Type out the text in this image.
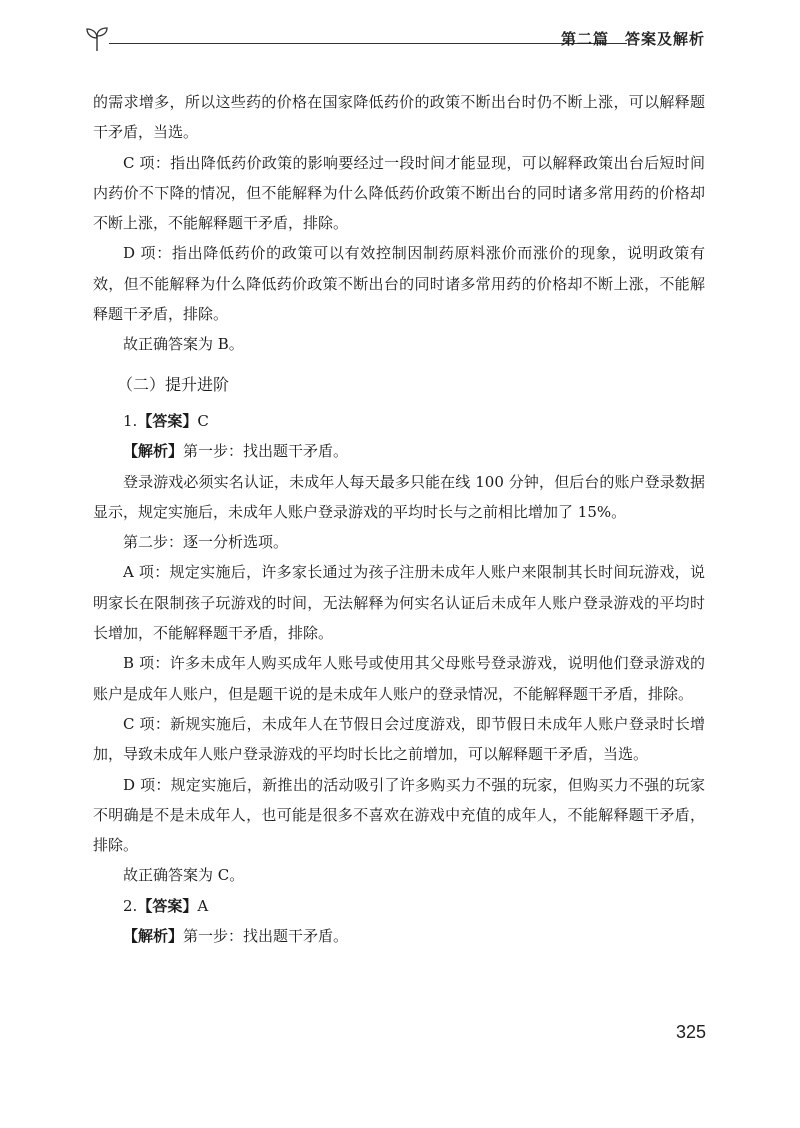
第二篇　答案及解析

的需求增多，所以这些药的价格在国家降低药价的政策不断出台时仍不断上涨，可以解释题干矛盾，当选。

C 项：指出降低药价政策的影响要经过一段时间才能显现，可以解释政策出台后短时间内药价不下降的情况，但不能解释为什么降低药价政策不断出台的同时诸多常用药的价格却不断上涨，不能解释题干矛盾，排除。

D 项：指出降低药价的政策可以有效控制因制药原料涨价而涨价的现象，说明政策有效，但不能解释为什么降低药价政策不断出台的同时诸多常用药的价格却不断上涨，不能解释题干矛盾，排除。

故正确答案为 B。

（二）提升进阶

1.【答案】C

【解析】第一步：找出题干矛盾。

登录游戏必须实名认证，未成年人每天最多只能在线 100 分钟，但后台的账户登录数据显示，规定实施后，未成年人账户登录游戏的平均时长与之前相比增加了 15%。

第二步：逐一分析选项。

A 项：规定实施后，许多家长通过为孩子注册未成年人账户来限制其长时间玩游戏，说明家长在限制孩子玩游戏的时间，无法解释为何实名认证后未成年人账户登录游戏的平均时长增加，不能解释题干矛盾，排除。

B 项：许多未成年人购买成年人账号或使用其父母账号登录游戏，说明他们登录游戏的账户是成年人账户，但是题干说的是未成年人账户的登录情况，不能解释题干矛盾，排除。

C 项：新规实施后，未成年人在节假日会过度游戏，即节假日未成年人账户登录时长增加，导致未成年人账户登录游戏的平均时长比之前增加，可以解释题干矛盾，当选。

D 项：规定实施后，新推出的活动吸引了许多购买力不强的玩家，但购买力不强的玩家不明确是不是未成年人，也可能是很多不喜欢在游戏中充值的成年人，不能解释题干矛盾，排除。

故正确答案为 C。

2.【答案】A

【解析】第一步：找出题干矛盾。

325
